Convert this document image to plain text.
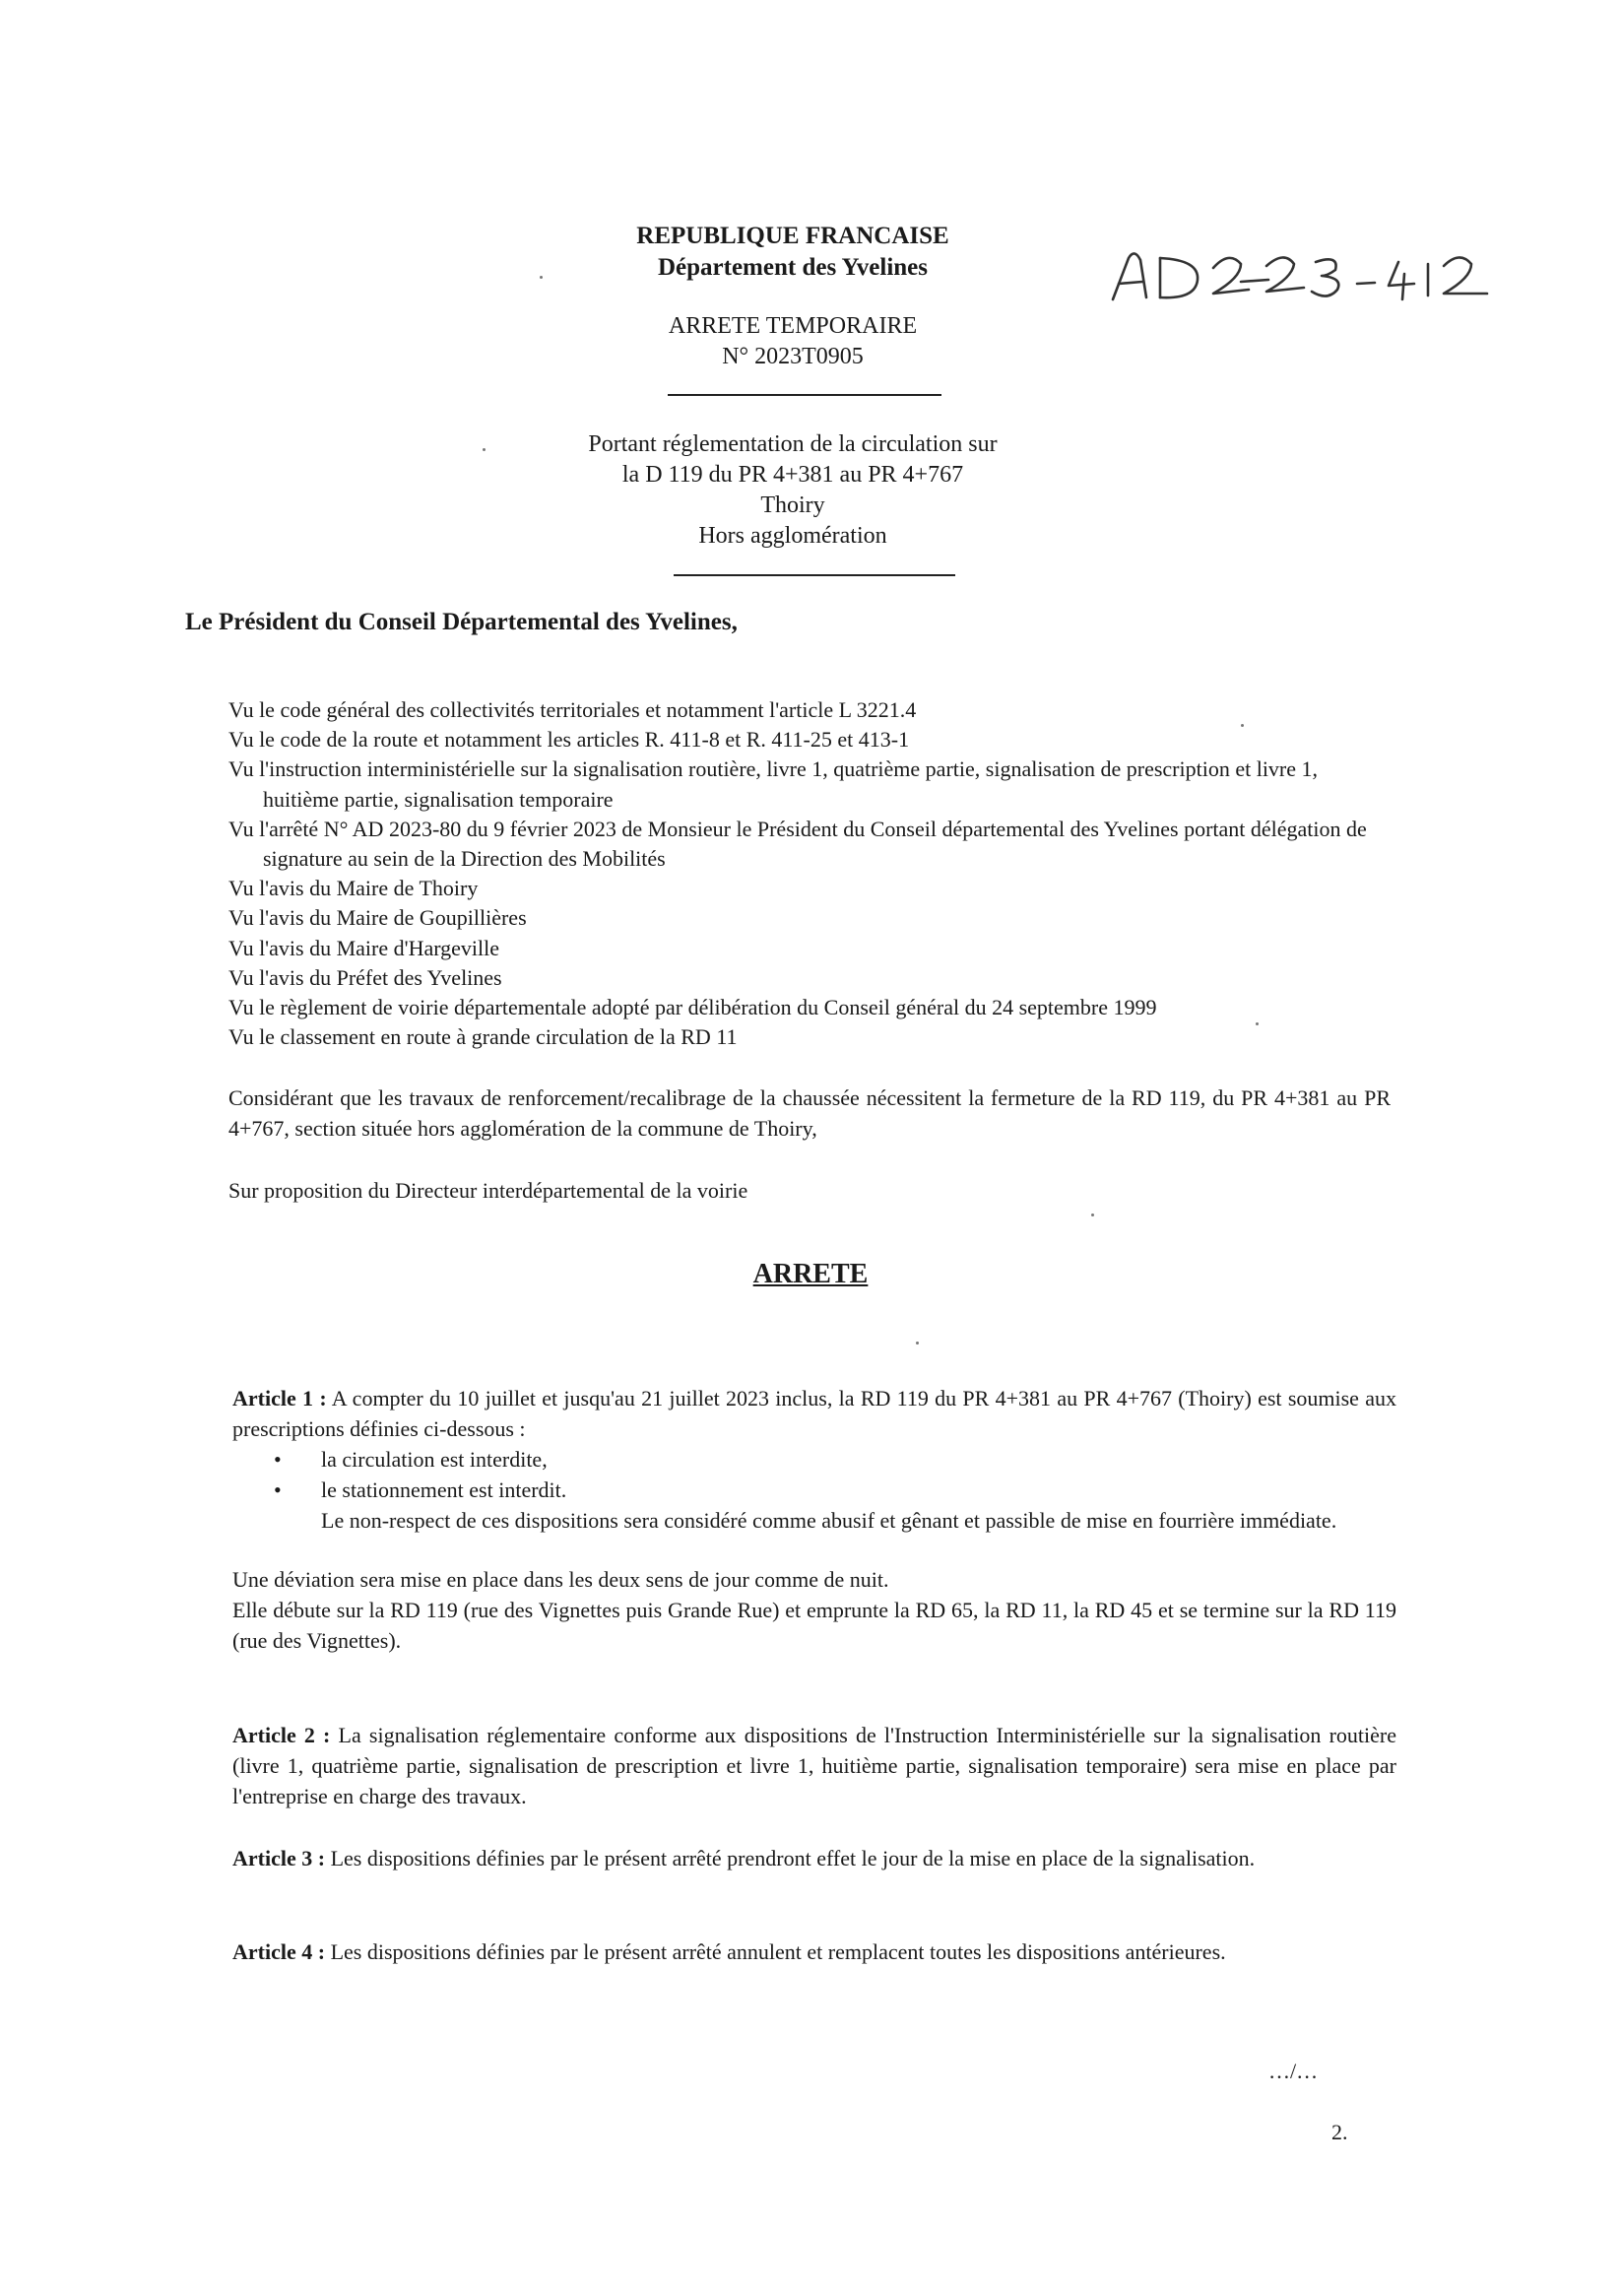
REPUBLIQUE FRANCAISE
Département des Yvelines
ARRETE TEMPORAIRE
N° 2023T0905
Portant réglementation de la circulation sur
la D 119 du PR 4+381 au PR 4+767
Thoiry
Hors agglomération
Le Président du Conseil Départemental des Yvelines,

Vu le code général des collectivités territoriales et notamment l'article L 3221.4

Vu le code de la route et notamment les articles R. 411-8 et R. 411-25 et 413-1

Vu l'instruction interministérielle sur la signalisation routière, livre 1, quatrième partie, signalisation de prescription et livre 1, huitième partie, signalisation temporaire

Vu l'arrêté N° AD 2023-80 du 9 février 2023 de Monsieur le Président du Conseil départemental des Yvelines portant délégation de signature au sein de la Direction des Mobilités

Vu l'avis du Maire de Thoiry

Vu l'avis du Maire de Goupillières

Vu l'avis du Maire d'Hargeville

Vu l'avis du Préfet des Yvelines

Vu le règlement de voirie départementale adopté par délibération du Conseil général du 24 septembre 1999

Vu le classement en route à grande circulation de la RD 11

Considérant que les travaux de renforcement/recalibrage de la chaussée nécessitent la fermeture de la RD 119, du PR 4+381 au PR 4+767, section située hors agglomération de la commune de Thoiry,
Sur proposition du Directeur interdépartemental de la voirie
ARRETE
Article 1 : A compter du 10 juillet et jusqu'au 21 juillet 2023 inclus, la RD 119 du PR 4+381 au PR 4+767 (Thoiry) est soumise aux prescriptions définies ci-dessous :
• la circulation est interdite,
• le stationnement est interdit.
Le non-respect de ces dispositions sera considéré comme abusif et gênant et passible de mise en fourrière immédiate.
Une déviation sera mise en place dans les deux sens de jour comme de nuit.
Elle débute sur la RD 119 (rue des Vignettes puis Grande Rue) et emprunte la RD 65, la RD 11, la RD 45 et se termine sur la RD 119 (rue des Vignettes).
Article 2 : La signalisation réglementaire conforme aux dispositions de l'Instruction Interministérielle sur la signalisation routière (livre 1, quatrième partie, signalisation de prescription et livre 1, huitième partie, signalisation temporaire) sera mise en place par l'entreprise en charge des travaux.
Article 3 : Les dispositions définies par le présent arrêté prendront effet le jour de la mise en place de la signalisation.
Article 4 : Les dispositions définies par le présent arrêté annulent et remplacent toutes les dispositions antérieures.
…/…
2.
